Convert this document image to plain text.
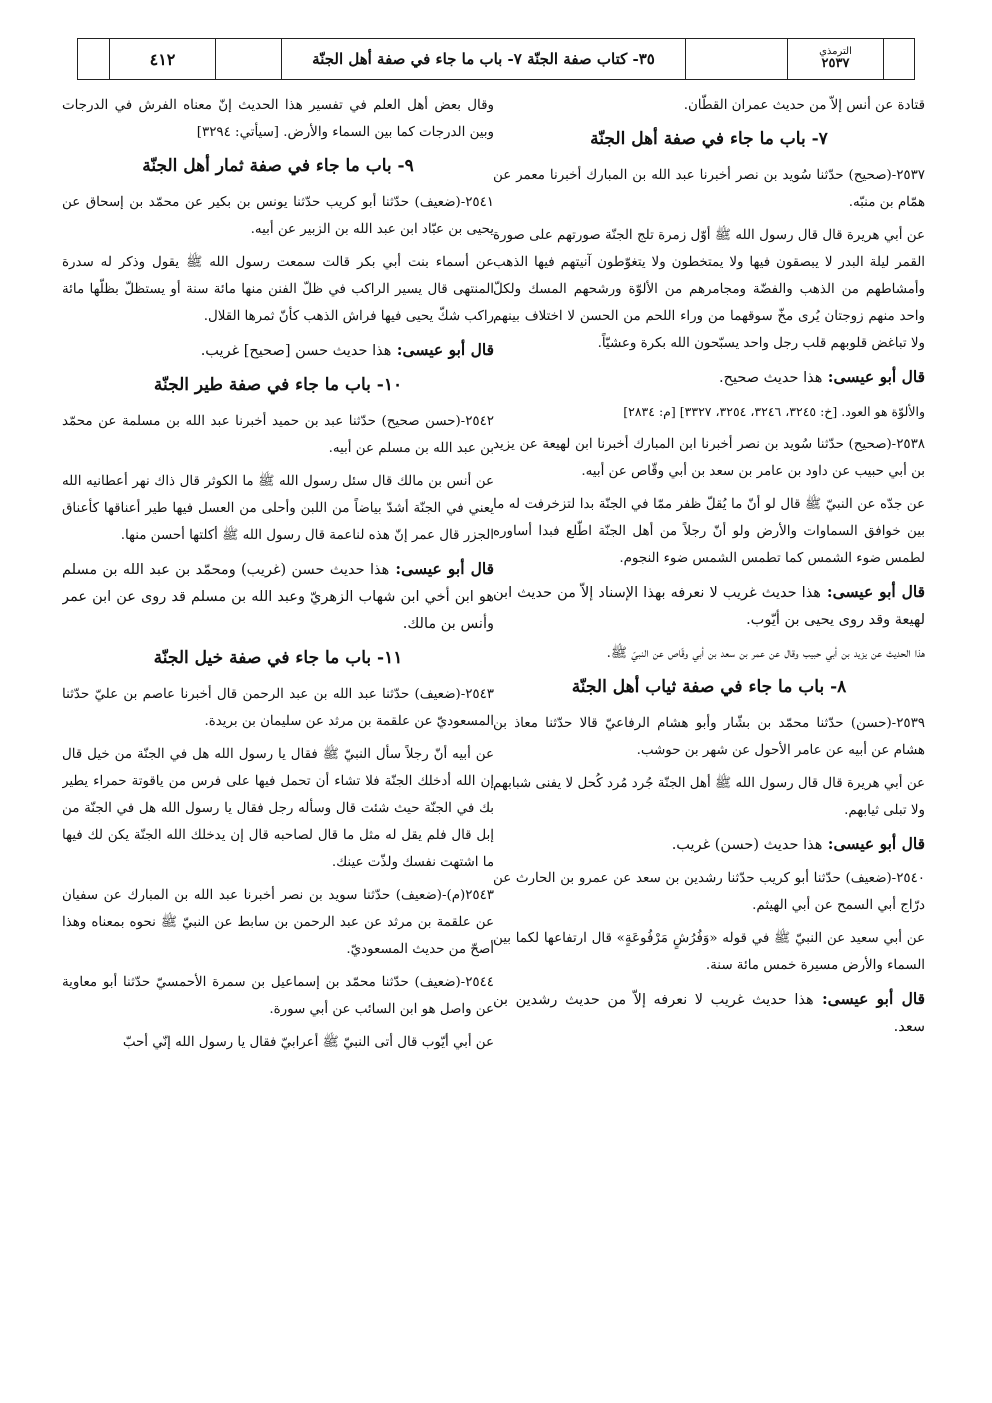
٤١٢	٣٥- كتاب صفة الجنّة ٧- باب ما جاء في صفة أهل الجنّة	الترمذي
٢٥٣٧

قتادة عن أنس إلاّ من حديث عمران القطّان.

٧- باب ما جاء في صفة أهل الجنّة

٢٥٣٧-(صحيح) حدّثنا سُويد بن نصر أخبرنا عبد الله بن المبارك أخبرنا معمر عن همّام بن منبّه.

عن أبي هريرة قال قال رسول الله ﷺ أوّل زمرة تلج الجنّة صورتهم على صورة القمر ليلة البدر لا يبصقون فيها ولا يمتخطون ولا يتغوّطون آنيتهم فيها الذهب وأمشاطهم من الذهب والفضّة ومجامرهم من الألوّة ورشحهم المسك ولكلّ واحد منهم زوجتان يُرى مخّ سوقهما من وراء اللحم من الحسن لا اختلاف بينهم ولا تباغض قلوبهم قلب رجل واحد يسبّحون الله بكرة وعشيّاً.

قال أبو عيسى: هذا حديث صحيح.

والألوّة هو العود. [خ: ٣٢٤٥، ٣٢٤٦، ٣٢٥٤، ٣٣٢٧] [م: ٢٨٣٤]

٢٥٣٨-(صحيح) حدّثنا سُويد بن نصر أخبرنا ابن المبارك أخبرنا ابن لهيعة عن يزيد بن أبي حبيب عن داود بن عامر بن سعد بن أبي وقّاص عن أبيه.

عن جدّه عن النبيّ ﷺ قال لو أنّ ما يُقلّ ظفر ممّا في الجنّة بدا لتزخرفت له ما بين خوافق السماوات والأرض ولو أنّ رجلاً من أهل الجنّة اطّلع فبدا أساوره لطمس ضوء الشمس كما تطمس الشمس ضوء النجوم.

قال أبو عيسى: هذا حديث غريب لا نعرفه بهذا الإسناد إلاّ من حديث ابن لهيعة وقد روى يحيى بن أيّوب.

هذا الحديث عن يزيد بن أبي حبيب وقال عن عمر بن سعد بن أبي وقّاص عن النبيّ ﷺ.

٨- باب ما جاء في صفة ثياب أهل الجنّة

٢٥٣٩-(حسن) حدّثنا محمّد بن بشّار وأبو هشام الرفاعيّ قالا حدّثنا معاذ بن هشام عن أبيه عن عامر الأحول عن شهر بن حوشب.

عن أبي هريرة قال قال رسول الله ﷺ أهل الجنّة جُرد مُرد كُحل لا يفنى شبابهم ولا تبلى ثيابهم.

قال أبو عيسى: هذا حديث (حسن) غريب.

٢٥٤٠-(ضعيف) حدّثنا أبو كريب حدّثنا رشدين بن سعد عن عمرو بن الحارث عن درّاج أبي السمح عن أبي الهيثم.

عن أبي سعيد عن النبيّ ﷺ في قوله «وَفُرُشٍ مَرْفُوعَةٍ» قال ارتفاعها لكما بين السماء والأرض مسيرة خمس مائة سنة.

قال أبو عيسى: هذا حديث غريب لا نعرفه إلاّ من حديث رشدين بن سعد.

وقال بعض أهل العلم في تفسير هذا الحديث إنّ معناه الفرش في الدرجات وبين الدرجات كما بين السماء والأرض. [سيأتي: ٣٢٩٤]

٩- باب ما جاء في صفة ثمار أهل الجنّة

٢٥٤١-(ضعيف) حدّثنا أبو كريب حدّثنا يونس بن بكير عن محمّد بن إسحاق عن يحيى بن عبّاد ابن عبد الله بن الزبير عن أبيه.

عن أسماء بنت أبي بكر قالت سمعت رسول الله ﷺ يقول وذكر له سدرة المنتهى قال يسير الراكب في ظلّ الفنن منها مائة سنة أو يستظلّ بظلّها مائة راكب شكّ يحيى فيها فراش الذهب كأنّ ثمرها القلال.

قال أبو عيسى: هذا حديث حسن [صحيح] غريب.

١٠- باب ما جاء في صفة طير الجنّة

٢٥٤٢-(حسن صحيح) حدّثنا عبد بن حميد أخبرنا عبد الله بن مسلمة عن محمّد بن عبد الله بن مسلم عن أبيه.

عن أنس بن مالك قال سئل رسول الله ﷺ ما الكوثر قال ذاك نهر أعطانيه الله يعني في الجنّة أشدّ بياضاً من اللبن وأحلى من العسل فيها طير أعناقها كأعناق الجزر قال عمر إنّ هذه لناعمة قال رسول الله ﷺ أكلتها أحسن منها.

قال أبو عيسى: هذا حديث حسن (غريب) ومحمّد بن عبد الله بن مسلم هو ابن أخي ابن شهاب الزهريّ وعبد الله بن مسلم قد روى عن ابن عمر وأنس بن مالك.

١١- باب ما جاء في صفة خيل الجنّة

٢٥٤٣-(ضعيف) حدّثنا عبد الله بن عبد الرحمن قال أخبرنا عاصم بن عليّ حدّثنا المسعوديّ عن علقمة بن مرثد عن سليمان بن بريدة.

عن أبيه أنّ رجلاً سأل النبيّ ﷺ فقال يا رسول الله هل في الجنّة من خيل قال إن الله أدخلك الجنّة فلا تشاء أن تحمل فيها على فرس من ياقوتة حمراء يطير بك في الجنّة حيث شئت قال وسأله رجل فقال يا رسول الله هل في الجنّة من إبل قال فلم يقل له مثل ما قال لصاحبه قال إن يدخلك الله الجنّة يكن لك فيها ما اشتهت نفسك ولذّت عينك.

٢٥٤٣(م)-(ضعيف) حدّثنا سويد بن نصر أخبرنا عبد الله بن المبارك عن سفيان عن علقمة بن مرثد عن عبد الرحمن بن سابط عن النبيّ ﷺ نحوه بمعناه وهذا أصحّ من حديث المسعوديّ.

٢٥٤٤-(ضعيف) حدّثنا محمّد بن إسماعيل بن سمرة الأحمسيّ حدّثنا أبو معاوية عن واصل هو ابن السائب عن أبي سورة.

عن أبي أيّوب قال أتى النبيّ ﷺ أعرابيّ فقال يا رسول الله إنّي أحبّ
